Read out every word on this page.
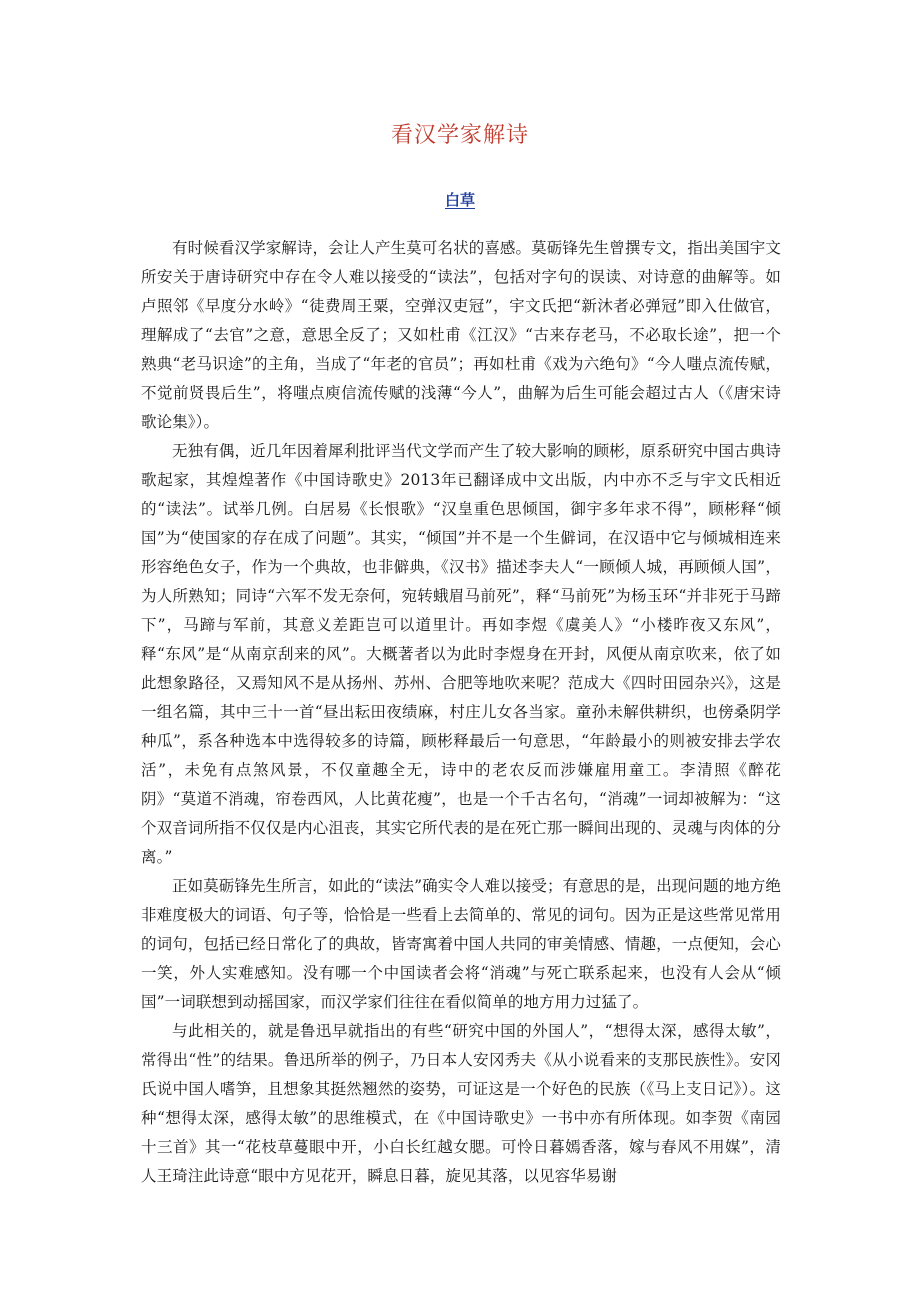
看汉学家解诗
白草

有时候看汉学家解诗，会让人产生莫可名状的喜感。莫砺锋先生曾撰专文，指出美国宇文所安关于唐诗研究中存在令人难以接受的“读法”，包括对字句的误读、对诗意的曲解等。如卢照邻《早度分水岭》“徒费周王粟，空弹汉吏冠”，宇文氏把“新沐者必弹冠”即入仕做官，理解成了“去官”之意，意思全反了；又如杜甫《江汉》“古来存老马，不必取长途”，把一个熟典“老马识途”的主角，当成了“年老的官员”；再如杜甫《戏为六绝句》“今人嗤点流传赋，不觉前贤畏后生”，将嗤点庾信流传赋的浅薄“今人”，曲解为后生可能会超过古人（《唐宋诗歌论集》）。

无独有偶，近几年因着犀利批评当代文学而产生了较大影响的顾彬，原系研究中国古典诗歌起家，其煌煌著作《中国诗歌史》2013年已翻译成中文出版，内中亦不乏与宇文氏相近的“读法”。试举几例。白居易《长恨歌》“汉皇重色思倾国，御宇多年求不得”，顾彬释“倾国”为“使国家的存在成了问题”。其实，“倾国”并不是一个生僻词，在汉语中它与倾城相连来形容绝色女子，作为一个典故，也非僻典，《汉书》描述李夫人“一顾倾人城，再顾倾人国”，为人所熟知；同诗“六军不发无奈何，宛转蛾眉马前死”，释“马前死”为杨玉环“并非死于马蹄下”，马蹄与军前，其意义差距岂可以道里计。再如李煜《虞美人》“小楼昨夜又东风”，释“东风”是“从南京刮来的风”。大概著者以为此时李煜身在开封，风便从南京吹来，依了如此想象路径，又焉知风不是从扬州、苏州、合肥等地吹来呢？范成大《四时田园杂兴》，这是一组名篇，其中三十一首“昼出耘田夜绩麻，村庄儿女各当家。童孙未解供耕织，也傍桑阴学种瓜”，系各种选本中选得较多的诗篇，顾彬释最后一句意思，“年龄最小的则被安排去学农活”，未免有点煞风景，不仅童趣全无，诗中的老农反而涉嫌雇用童工。李清照《醉花阴》“莫道不消魂，帘卷西风，人比黄花瘦”，也是一个千古名句，“消魂”一词却被解为：“这个双音词所指不仅仅是内心沮丧，其实它所代表的是在死亡那一瞬间出现的、灵魂与肉体的分离。”

正如莫砺锋先生所言，如此的“读法”确实令人难以接受；有意思的是，出现问题的地方绝非难度极大的词语、句子等，恰恰是一些看上去简单的、常见的词句。因为正是这些常见常用的词句，包括已经日常化了的典故，皆寄寓着中国人共同的审美情感、情趣，一点便知，会心一笑，外人实难感知。没有哪一个中国读者会将“消魂”与死亡联系起来，也没有人会从“倾国”一词联想到动摇国家，而汉学家们往往在看似简单的地方用力过猛了。

与此相关的，就是鲁迅早就指出的有些“研究中国的外国人”，“想得太深，感得太敏”，常得出“性”的结果。鲁迅所举的例子，乃日本人安冈秀夫《从小说看来的支那民族性》。安冈氏说中国人嗜笋，且想象其挺然翘然的姿势，可证这是一个好色的民族（《马上支日记》）。这种“想得太深，感得太敏”的思维模式，在《中国诗歌史》一书中亦有所体现。如李贺《南园十三首》其一“花枝草蔓眼中开，小白长红越女腮。可怜日暮嫣香落，嫁与春风不用媒”，清人王琦注此诗意“眼中方见花开，瞬息日暮，旋见其落，以见容华易谢
